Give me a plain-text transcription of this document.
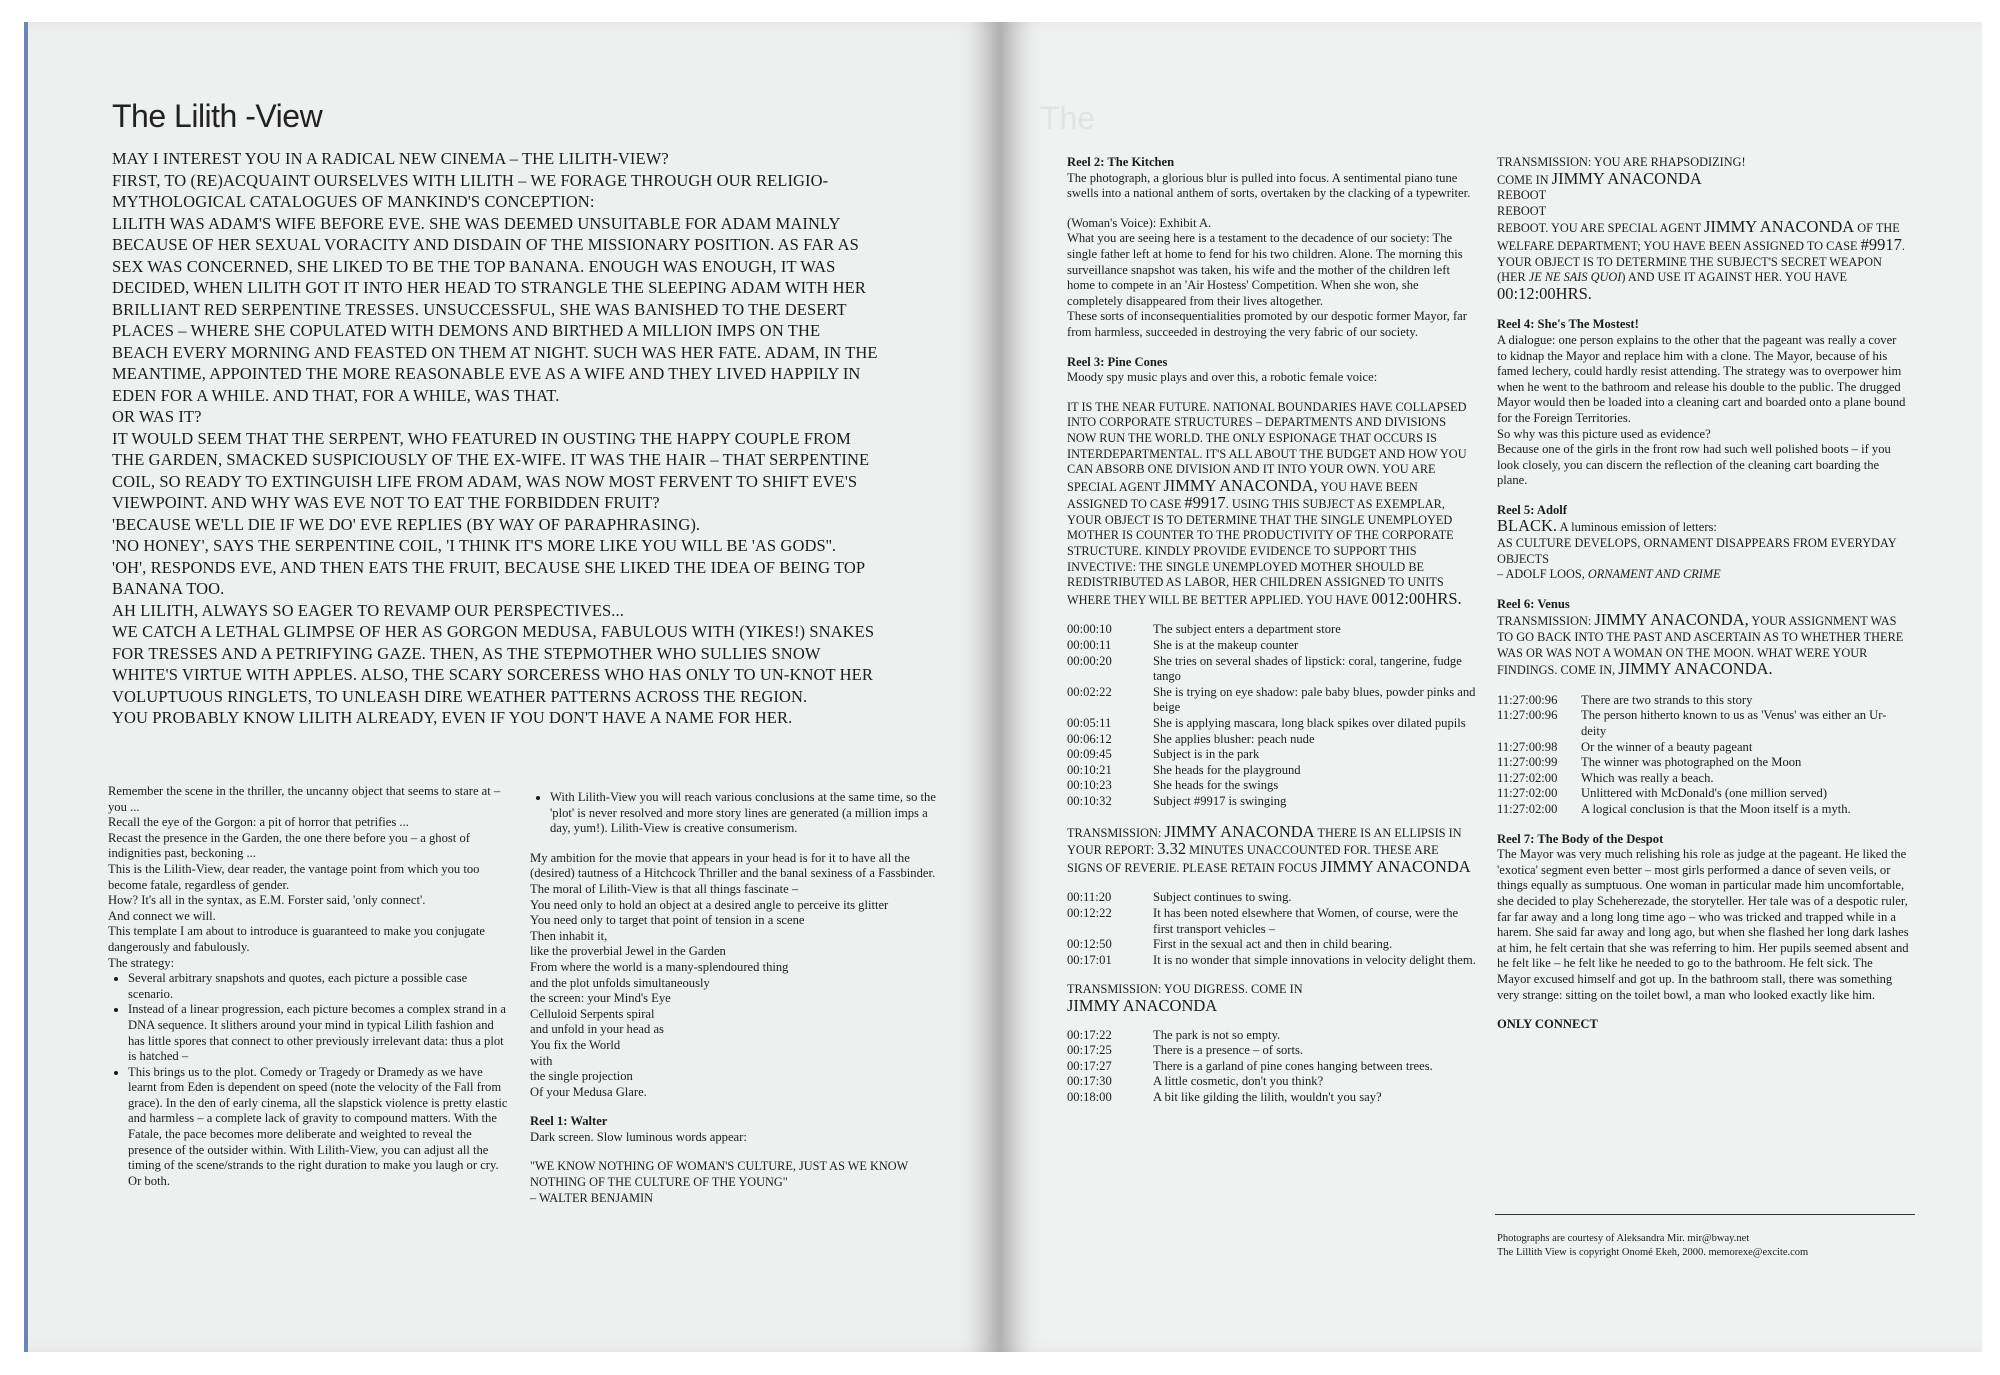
The Lilith -View
MAY I INTEREST YOU IN A RADICAL NEW CINEMA – THE LILITH-VIEW?
FIRST, TO (RE)ACQUAINT OURSELVES WITH LILITH – WE FORAGE THROUGH OUR RELIGIO-
MYTHOLOGICAL CATALOGUES OF MANKIND'S CONCEPTION:
LILITH WAS ADAM'S WIFE BEFORE EVE. SHE WAS DEEMED UNSUITABLE FOR ADAM MAINLY
BECAUSE OF HER SEXUAL VORACITY AND DISDAIN OF THE MISSIONARY POSITION. AS FAR AS
SEX WAS CONCERNED, SHE LIKED TO BE THE TOP BANANA. ENOUGH WAS ENOUGH, IT WAS
DECIDED, WHEN LILITH GOT IT INTO HER HEAD TO STRANGLE THE SLEEPING ADAM WITH HER
BRILLIANT RED SERPENTINE TRESSES. UNSUCCESSFUL, SHE WAS BANISHED TO THE DESERT
PLACES – WHERE SHE COPULATED WITH DEMONS AND BIRTHED A MILLION IMPS ON THE
BEACH EVERY MORNING AND FEASTED ON THEM AT NIGHT. SUCH WAS HER FATE. ADAM, IN THE
MEANTIME, APPOINTED THE MORE REASONABLE EVE AS A WIFE AND THEY LIVED HAPPILY IN
EDEN FOR A WHILE. AND THAT, FOR A WHILE, WAS THAT.
OR WAS IT?
IT WOULD SEEM THAT THE SERPENT, WHO FEATURED IN OUSTING THE HAPPY COUPLE FROM
THE GARDEN, SMACKED SUSPICIOUSLY OF THE EX-WIFE. IT WAS THE HAIR – THAT SERPENTINE
COIL, SO READY TO EXTINGUISH LIFE FROM ADAM, WAS NOW MOST FERVENT TO SHIFT EVE'S
VIEWPOINT. AND WHY WAS EVE NOT TO EAT THE FORBIDDEN FRUIT?
'BECAUSE WE'LL DIE IF WE DO' EVE REPLIES (BY WAY OF PARAPHRASING).
'NO HONEY', SAYS THE SERPENTINE COIL, 'I THINK IT'S MORE LIKE YOU WILL BE 'AS GODS''.
'OH', RESPONDS EVE, AND THEN EATS THE FRUIT, BECAUSE SHE LIKED THE IDEA OF BEING TOP
BANANA TOO.
AH LILITH, ALWAYS SO EAGER TO REVAMP OUR PERSPECTIVES...
WE CATCH A LETHAL GLIMPSE OF HER AS GORGON MEDUSA, FABULOUS WITH (YIKES!) SNAKES
FOR TRESSES AND A PETRIFYING GAZE. THEN, AS THE STEPMOTHER WHO SULLIES SNOW
WHITE'S VIRTUE WITH APPLES. ALSO, THE SCARY SORCERESS WHO HAS ONLY TO UN-KNOT HER
VOLUPTUOUS RINGLETS, TO UNLEASH DIRE WEATHER PATTERNS ACROSS THE REGION.
YOU PROBABLY KNOW LILITH ALREADY, EVEN IF YOU DON'T HAVE A NAME FOR HER.

Remember the scene in the thriller, the uncanny object that seems to stare at – you ...

Recall the eye of the Gorgon: a pit of horror that petrifies ...

Recast the presence in the Garden, the one there before you – a ghost of indignities past, beckoning ...

This is the Lilith-View, dear reader, the vantage point from which you too become fatale, regardless of gender.

How? It's all in the syntax, as E.M. Forster said, 'only connect'.

And connect we will.

This template I am about to introduce is guaranteed to make you conjugate dangerously and fabulously.

The strategy:

• Several arbitrary snapshots and quotes, each picture a possible case scenario.
• Instead of a linear progression, each picture becomes a complex strand in a DNA sequence. It slithers around your mind in typical Lilith fashion and has little spores that connect to other previously irrelevant data: thus a plot is hatched –
• This brings us to the plot. Comedy or Tragedy or Dramedy as we have learnt from Eden is dependent on speed (note the velocity of the Fall from grace). In the den of early cinema, all the slapstick violence is pretty elastic and harmless – a complete lack of gravity to compound matters. With the Fatale, the pace becomes more deliberate and weighted to reveal the presence of the outsider within. With Lilith-View, you can adjust all the timing of the scene/strands to the right duration to make you laugh or cry. Or both.
• With Lilith-View you will reach various conclusions at the same time, so the 'plot' is never resolved and more story lines are generated (a million imps a day, yum!). Lilith-View is creative consumerism.

My ambition for the movie that appears in your head is for it to have all the (desired) tautness of a Hitchcock Thriller and the banal sexiness of a Fassbinder.

The moral of Lilith-View is that all things fascinate –

You need only to hold an object at a desired angle to perceive its glitter

You need only to target that point of tension in a scene

Then inhabit it,

like the proverbial Jewel in the Garden

From where the world is a many-splendoured thing

and the plot unfolds simultaneously

the screen: your Mind's Eye

Celluloid Serpents spiral

and unfold in your head as

You fix the World

with

the single projection

Of your Medusa Glare.

Reel 1: Walter

Dark screen. Slow luminous words appear:

"WE KNOW NOTHING OF WOMAN'S CULTURE, JUST AS WE KNOW NOTHING OF THE CULTURE OF THE YOUNG"

– WALTER BENJAMIN

The

Reel 2: The Kitchen

The photograph, a glorious blur is pulled into focus. A sentimental piano tune swells into a national anthem of sorts, overtaken by the clacking of a typewriter.

(Woman's Voice): Exhibit A.

What you are seeing here is a testament to the decadence of our society: The single father left at home to fend for his two children. Alone. The morning this surveillance snapshot was taken, his wife and the mother of the children left home to compete in an 'Air Hostess' Competition. When she won, she completely disappeared from their lives altogether.

These sorts of inconsequentialities promoted by our despotic former Mayor, far from harmless, succeeded in destroying the very fabric of our society.

Reel 3: Pine Cones

Moody spy music plays and over this, a robotic female voice:

IT IS THE NEAR FUTURE. NATIONAL BOUNDARIES HAVE COLLAPSED INTO CORPORATE STRUCTURES – DEPARTMENTS AND DIVISIONS NOW RUN THE WORLD. THE ONLY ESPIONAGE THAT OCCURS IS INTERDEPARTMENTAL. IT'S ALL ABOUT THE BUDGET AND HOW YOU CAN ABSORB ONE DIVISION AND IT INTO YOUR OWN. YOU ARE SPECIAL AGENT JIMMY ANACONDA, YOU HAVE BEEN ASSIGNED TO CASE #9917. USING THIS SUBJECT AS EXEMPLAR, YOUR OBJECT IS TO DETERMINE THAT THE SINGLE UNEMPLOYED MOTHER IS COUNTER TO THE PRODUCTIVITY OF THE CORPORATE STRUCTURE. KINDLY PROVIDE EVIDENCE TO SUPPORT THIS INVECTIVE: THE SINGLE UNEMPLOYED MOTHER SHOULD BE REDISTRIBUTED AS LABOR, HER CHILDREN ASSIGNED TO UNITS WHERE THEY WILL BE BETTER APPLIED. YOU HAVE 0012:00HRS.

00:00:10	The subject enters a department store
00:00:11	She is at the makeup counter
00:00:20	She tries on several shades of lipstick: coral, tangerine, fudge tango
00:02:22	She is trying on eye shadow: pale baby blues, powder pinks and beige
00:05:11	She is applying mascara, long black spikes over dilated pupils
00:06:12	She applies blusher: peach nude
00:09:45	Subject is in the park
00:10:21	She heads for the playground
00:10:23	She heads for the swings
00:10:32	Subject #9917 is swinging

TRANSMISSION: JIMMY ANACONDA THERE IS AN ELLIPSIS IN YOUR REPORT: 3.32 MINUTES UNACCOUNTED FOR. THESE ARE SIGNS OF REVERIE. PLEASE RETAIN FOCUS JIMMY ANACONDA

00:11:20	Subject continues to swing.
00:12:22	It has been noted elsewhere that Women, of course, were the first transport vehicles –
00:12:50	First in the sexual act and then in child bearing.
00:17:01	It is no wonder that simple innovations in velocity delight them.

TRANSMISSION: YOU DIGRESS. COME IN

JIMMY ANACONDA

00:17:22	The park is not so empty.
00:17:25	There is a presence – of sorts.
00:17:27	There is a garland of pine cones hanging between trees.
00:17:30	A little cosmetic, don't you think?
00:18:00	A bit like gilding the lilith, wouldn't you say?

TRANSMISSION: YOU ARE RHAPSODIZING!

COME IN JIMMY ANACONDA

REBOOT

REBOOT

REBOOT. YOU ARE SPECIAL AGENT JIMMY ANACONDA OF THE WELFARE DEPARTMENT; YOU HAVE BEEN ASSIGNED TO CASE #9917. YOUR OBJECT IS TO DETERMINE THE SUBJECT'S SECRET WEAPON (HER JE NE SAIS QUOI) AND USE IT AGAINST HER. YOU HAVE 00:12:00HRS.

Reel 4: She's The Mostest!

A dialogue: one person explains to the other that the pageant was really a cover to kidnap the Mayor and replace him with a clone. The Mayor, because of his famed lechery, could hardly resist attending. The strategy was to overpower him when he went to the bathroom and release his double to the public. The drugged Mayor would then be loaded into a cleaning cart and boarded onto a plane bound for the Foreign Territories.

So why was this picture used as evidence?

Because one of the girls in the front row had such well polished boots – if you look closely, you can discern the reflection of the cleaning cart boarding the plane.

Reel 5: Adolf

BLACK. A luminous emission of letters:

AS CULTURE DEVELOPS, ORNAMENT DISAPPEARS FROM EVERYDAY OBJECTS

– ADOLF LOOS, ORNAMENT AND CRIME

Reel 6: Venus

TRANSMISSION: JIMMY ANACONDA, YOUR ASSIGNMENT WAS TO GO BACK INTO THE PAST AND ASCERTAIN AS TO WHETHER THERE WAS OR WAS NOT A WOMAN ON THE MOON. WHAT WERE YOUR FINDINGS. COME IN, JIMMY ANACONDA.

11:27:00:96	There are two strands to this story
11:27:00:96	The person hitherto known to us as 'Venus' was either an Ur-deity
11:27:00:98	Or the winner of a beauty pageant
11:27:00:99	The winner was photographed on the Moon
11:27:02:00	Which was really a beach.
11:27:02:00	Unlittered with McDonald's (one million served)
11:27:02:00	A logical conclusion is that the Moon itself is a myth.

Reel 7: The Body of the Despot

The Mayor was very much relishing his role as judge at the pageant. He liked the 'exotica' segment even better – most girls performed a dance of seven veils, or things equally as sumptuous. One woman in particular made him uncomfortable, she decided to play Scheherezade, the storyteller. Her tale was of a despotic ruler, far far away and a long long time ago – who was tricked and trapped while in a harem. She said far away and long ago, but when she flashed her long dark lashes at him, he felt certain that she was referring to him. Her pupils seemed absent and he felt like – he felt like he needed to go to the bathroom. He felt sick. The Mayor excused himself and got up. In the bathroom stall, there was something very strange: sitting on the toilet bowl, a man who looked exactly like him.

ONLY CONNECT

Photographs are courtesy of Aleksandra Mir. mir@bway.net
The Lillith View is copyright Onomé Ekeh, 2000. memorexe@excite.com
